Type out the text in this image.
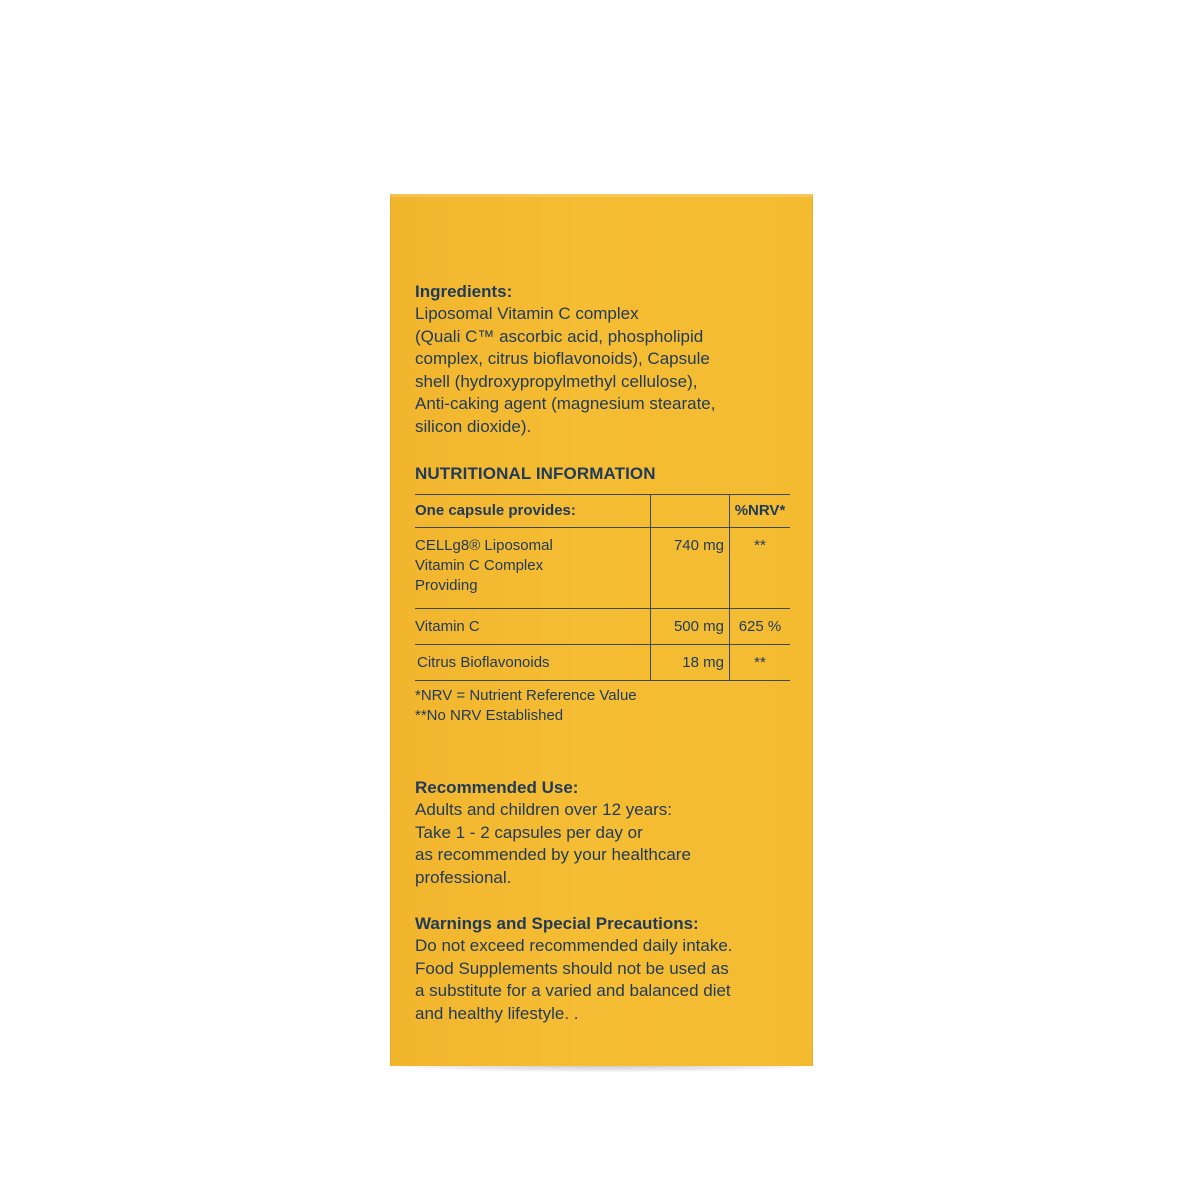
Ingredients:

Liposomal Vitamin C complex
(Quali C™ ascorbic acid, phospholipid
complex, citrus bioflavonoids), Capsule
shell (hydroxypropylmethyl cellulose),
Anti-caking agent (magnesium stearate,
silicon dioxide).

NUTRITIONAL INFORMATION

One capsule provides:		%NRV*

CELLg8® Liposomal
Vitamin C Complex
Providing	740 mg	**
Vitamin C	500 mg	625 %
Citrus Bioflavonoids	18 mg	**
*NRV = Nutrient Reference Value
**No NRV Established

Recommended Use:

Adults and children over 12 years:
Take 1 - 2 capsules per day or
as recommended by your healthcare
professional.

Warnings and Special Precautions:

Do not exceed recommended daily intake.
Food Supplements should not be used as
a substitute for a varied and balanced diet
and healthy lifestyle. .
